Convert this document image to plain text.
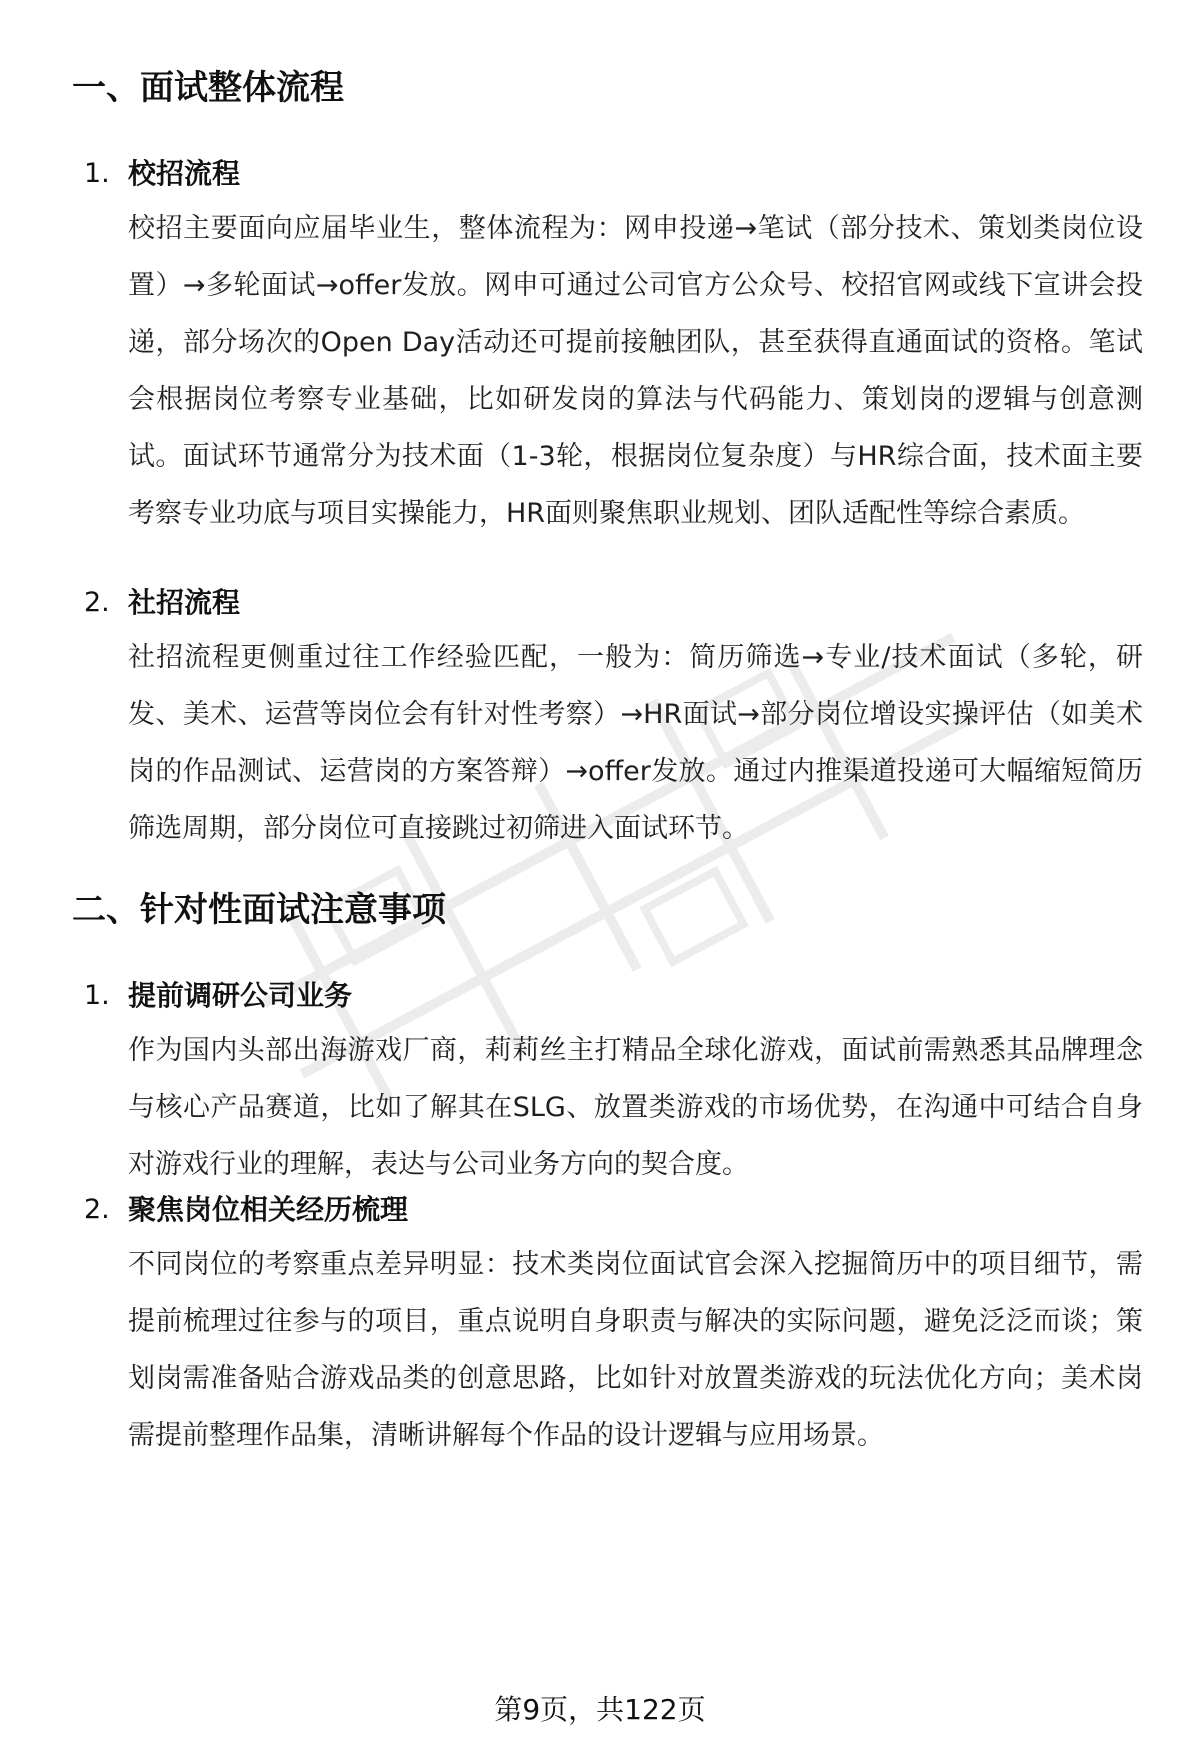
一、面试整体流程
1. 校招流程
校招主要面向应届毕业生，整体流程为：网申投递→笔试（部分技术、策划类岗位设置）→多轮面试→offer发放。网申可通过公司官方公众号、校招官网或线下宣讲会投递，部分场次的Open Day活动还可提前接触团队，甚至获得直通面试的资格。笔试会根据岗位考察专业基础，比如研发岗的算法与代码能力、策划岗的逻辑与创意测试。面试环节通常分为技术面（1-3轮，根据岗位复杂度）与HR综合面，技术面主要考察专业功底与项目实操能力，HR面则聚焦职业规划、团队适配性等综合素质。
2. 社招流程
社招流程更侧重过往工作经验匹配，一般为：简历筛选→专业/技术面试（多轮，研发、美术、运营等岗位会有针对性考察）→HR面试→部分岗位增设实操评估（如美术岗的作品测试、运营岗的方案答辩）→offer发放。通过内推渠道投递可大幅缩短简历筛选周期，部分岗位可直接跳过初筛进入面试环节。
二、针对性面试注意事项
1. 提前调研公司业务
作为国内头部出海游戏厂商，莉莉丝主打精品全球化游戏，面试前需熟悉其品牌理念与核心产品赛道，比如了解其在SLG、放置类游戏的市场优势，在沟通中可结合自身对游戏行业的理解，表达与公司业务方向的契合度。
2. 聚焦岗位相关经历梳理
不同岗位的考察重点差异明显：技术类岗位面试官会深入挖掘简历中的项目细节，需提前梳理过往参与的项目，重点说明自身职责与解决的实际问题，避免泛泛而谈；策划岗需准备贴合游戏品类的创意思路，比如针对放置类游戏的玩法优化方向；美术岗需提前整理作品集，清晰讲解每个作品的设计逻辑与应用场景。
第9页，共122页
